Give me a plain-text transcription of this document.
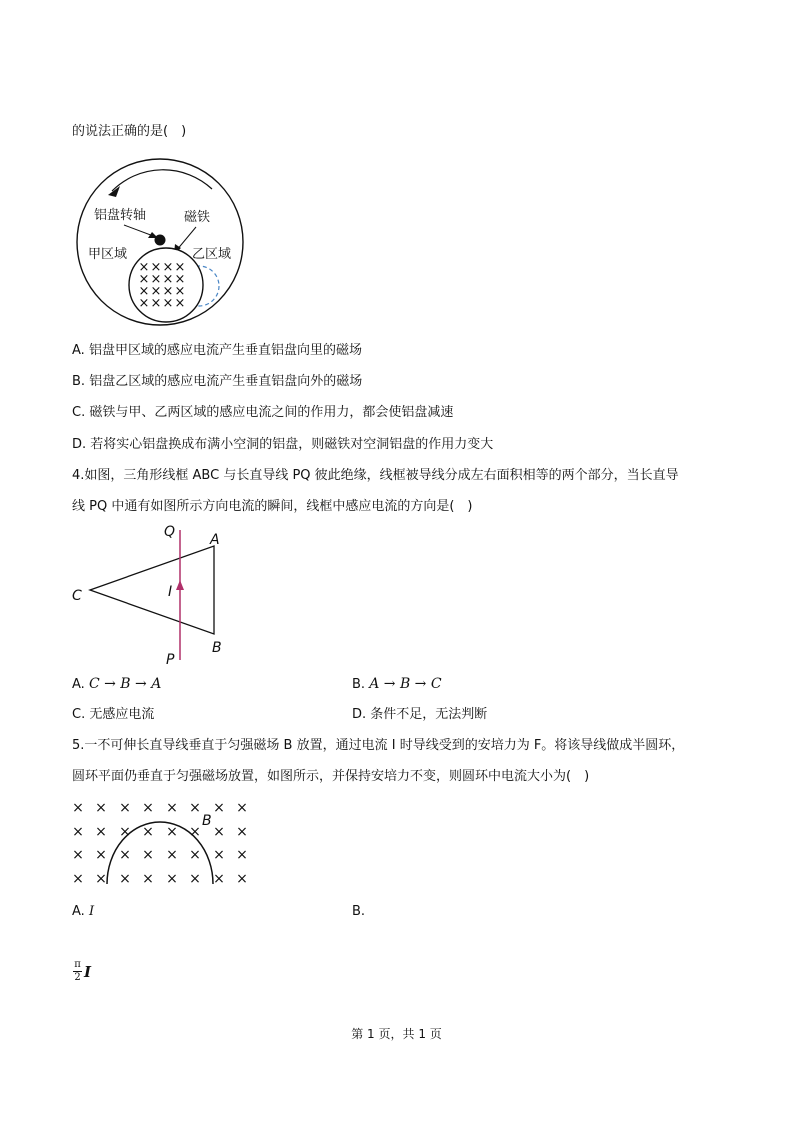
的说法正确的是(　)
铝盘转轴	磁铁
甲区域	乙区域
× × × ×
× × × ×
× × × ×
× × × ×
A. 铝盘甲区域的感应电流产生垂直铝盘向里的磁场
B. 铝盘乙区域的感应电流产生垂直铝盘向外的磁场
C. 磁铁与甲、乙两区域的感应电流之间的作用力，都会使铝盘减速
D. 若将实心铝盘换成布满小空洞的铝盘，则磁铁对空洞铝盘的作用力变大
4.如图，三角形线框 ABC 与长直导线 PQ 彼此绝缘，线框被导线分成左右面积相等的两个部分，当长直导
线 PQ 中通有如图所示方向电流的瞬间，线框中感应电流的方向是(　)
Q A
C	I
P
B
A. C → B → A	B. A → B → C
C. 无感应电流	D. 条件不足，无法判断
5.一不可伸长直导线垂直于匀强磁场 B 放置，通过电流 I 时导线受到的安培力为 F。将该导线做成半圆环，
圆环平面仍垂直于匀强磁场放置，如图所示，并保持安培力不变，则圆环中电流大小为(　)
× × × × × × × ×
× × × × × × × ×
× × × × × × × ×
× × × × × × × ×
B
A. I	B.
π
2 I
第 1 页，共 1 页
